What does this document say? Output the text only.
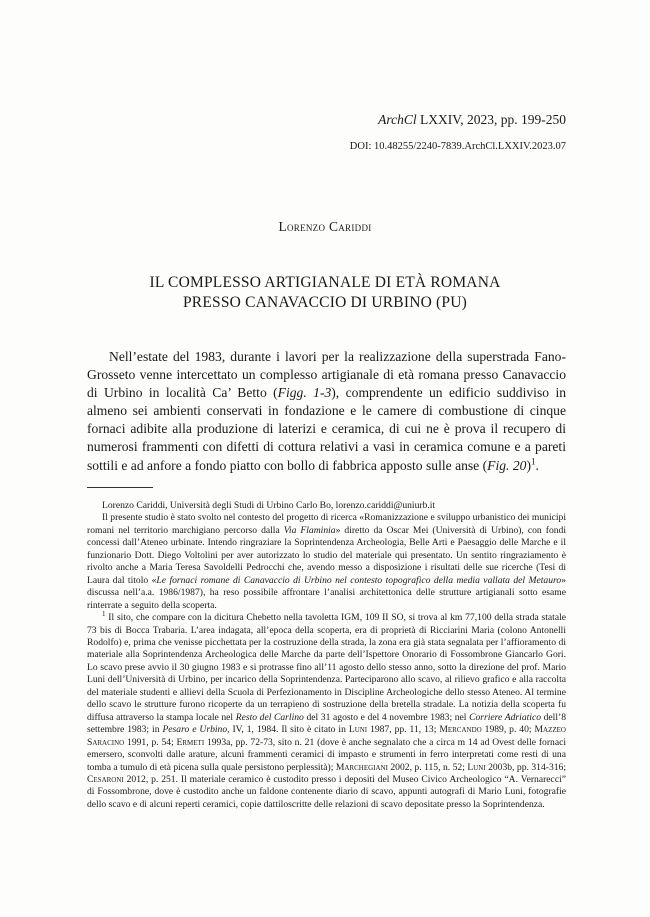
ArchCl LXXIV, 2023, pp. 199-250
DOI: 10.48255/2240-7839.ArchCl.LXXIV.2023.07
Lorenzo Cariddi
IL COMPLESSO ARTIGIANALE DI ETÀ ROMANA
PRESSO CANAVACCIO DI URBINO (PU)
Nell’estate del 1983, durante i lavori per la realizzazione della superstrada Fano-Grosseto venne intercettato un complesso artigianale di età romana presso Canavaccio di Urbino in località Ca’ Betto (Figg. 1-3), comprendente un edificio suddiviso in almeno sei ambienti conservati in fondazione e le camere di combustione di cinque fornaci adibite alla produzione di laterizi e ceramica, di cui ne è prova il recupero di numerosi frammenti con difetti di cottura relativi a vasi in ceramica comune e a pareti sottili e ad anfore a fondo piatto con bollo di fabbrica apposto sulle anse (Fig. 20)$^1$.

Lorenzo Cariddi, Università degli Studi di Urbino Carlo Bo, lorenzo.cariddi@uniurb.it

Il presente studio è stato svolto nel contesto del progetto di ricerca «Romanizzazione e sviluppo urbanistico dei municipi romani nel territorio marchigiano percorso dalla Via Flaminia» diretto da Oscar Mei (Università di Urbino), con fondi concessi dall’Ateneo urbinate. Intendo ringraziare la Soprintendenza Archeologia, Belle Arti e Paesaggio delle Marche e il funzionario Dott. Diego Voltolini per aver autorizzato lo studio del materiale qui presentato. Un sentito ringraziamento è rivolto anche a Maria Teresa Savoldelli Pedrocchi che, avendo messo a disposizione i risultati delle sue ricerche (Tesi di Laura dal titolo «Le fornaci romane di Canavaccio di Urbino nel contesto topografico della media vallata del Metauro» discussa nell’a.a. 1986/1987), ha reso possibile affrontare l’analisi architettonica delle strutture artigianali sotto esame rinterrate a seguito della scoperta.

$^1$ Il sito, che compare con la dicitura Chebetto nella tavoletta IGM, 109 II SO, si trova al km 77,100 della strada statale 73 bis di Bocca Trabaria. L’area indagata, all’epoca della scoperta, era di proprietà di Ricciarini Maria (colono Antonelli Rodolfo) e, prima che venisse picchettata per la costruzione della strada, la zona era già stata segnalata per l’affioramento di materiale alla Soprintendenza Archeologica delle Marche da parte dell’Ispettore Onorario di Fossombrone Giancarlo Gori. Lo scavo prese avvio il 30 giugno 1983 e si protrasse fino all’11 agosto dello stesso anno, sotto la direzione del prof. Mario Luni dell’Università di Urbino, per incarico della Soprintendenza. Parteciparono allo scavo, al rilievo grafico e alla raccolta del materiale studenti e allievi della Scuola di Perfezionamento in Discipline Archeologiche dello stesso Ateneo. Al termine dello scavo le strutture furono ricoperte da un terrapieno di sostruzione della bretella stradale. La notizia della scoperta fu diffusa attraverso la stampa locale nel Resto del Carlino del 31 agosto e del 4 novembre 1983; nel Corriere Adriatico dell’8 settembre 1983; in Pesaro e Urbino, IV, 1, 1984. Il sito è citato in Luni 1987, pp. 11, 13; Mercando 1989, p. 40; Mazzeo Saracino 1991, p. 54; Ermeti 1993a, pp. 72-73, sito n. 21 (dove è anche segnalato che a circa m 14 ad Ovest delle fornaci emersero, sconvolti dalle arature, alcuni frammenti ceramici di impasto e strumenti in ferro interpretati come resti di una tomba a tumulo di età picena sulla quale persistono perplessità); Marchegiani 2002, p. 115, n. 52; Luni 2003b, pp. 314-316; Cesaroni 2012, p. 251. Il materiale ceramico è custodito presso i depositi del Museo Civico Archeologico “A. Vernarecci” di Fossombrone, dove è custodito anche un faldone contenente diario di scavo, appunti autografi di Mario Luni, fotografie dello scavo e di alcuni reperti ceramici, copie dattiloscritte delle relazioni di scavo depositate presso la Soprintendenza.
